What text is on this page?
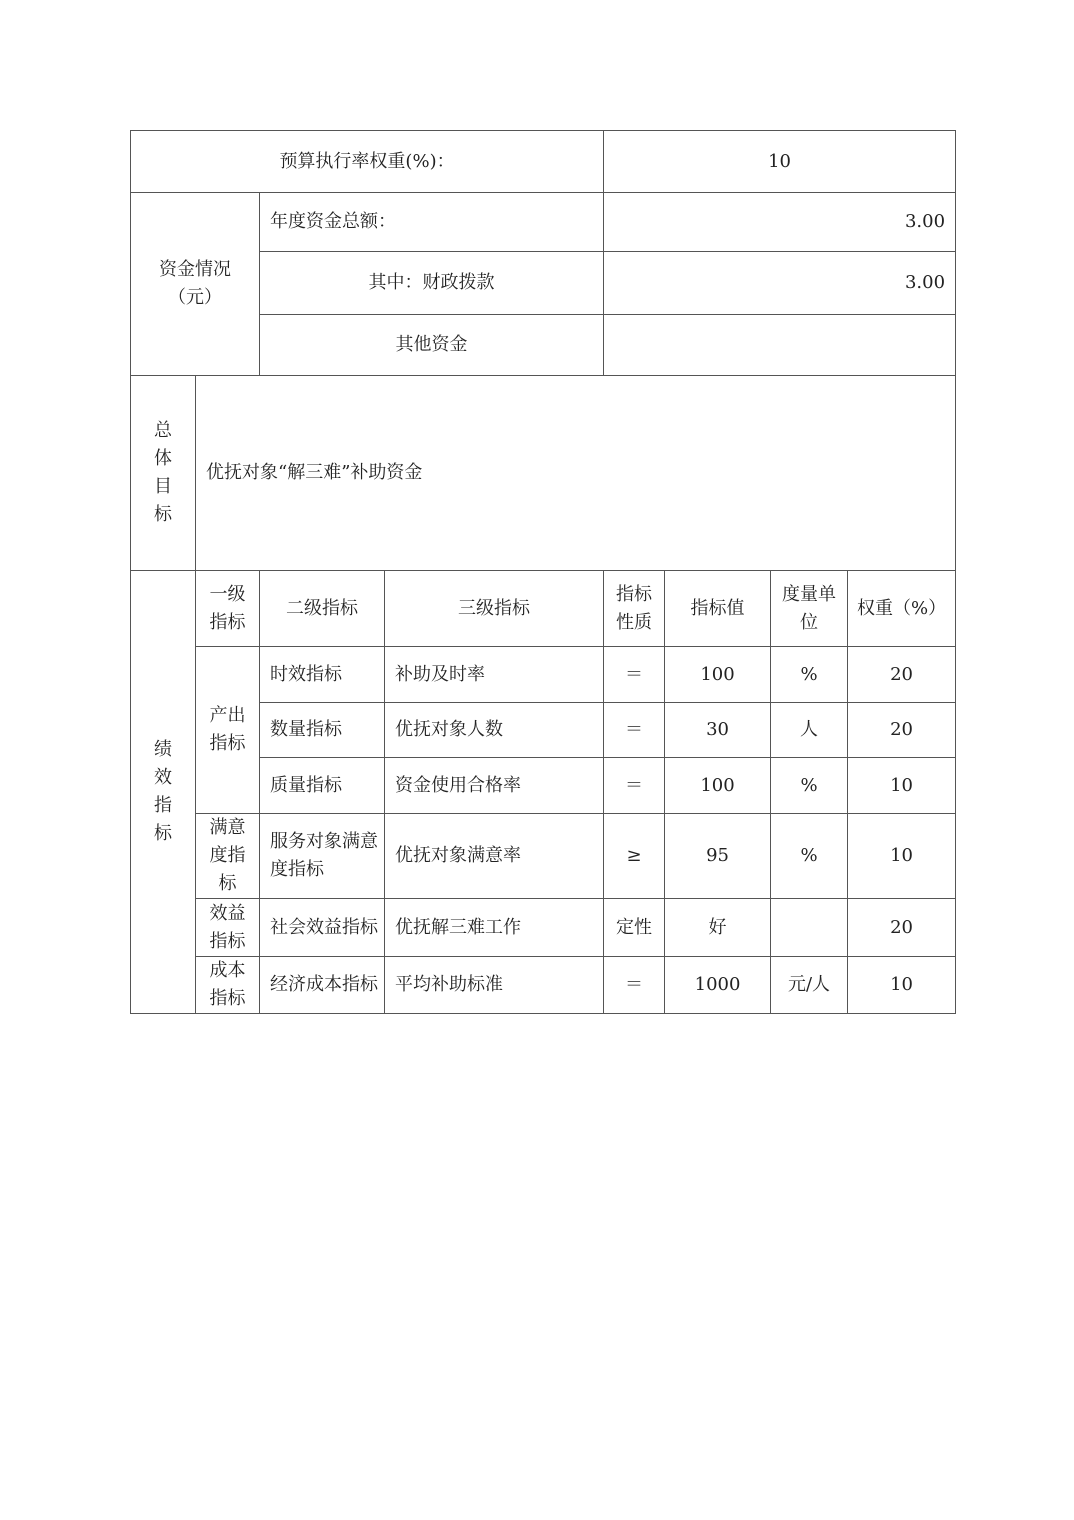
预算执行率权重(%)：				10			
资金情况
（元）		年度资金总额：		3.00			
		其中：财政拨款		3.00			
		其他资金					

总
体
目
标	优抚对象“解三难”补助资金						

绩
效
指
标	一级指标	二级指标	三级指标	指标性质	指标值	度量单位	权重（%）
	产出指标	时效指标	补助及时率	＝	100	%	20
		数量指标	优抚对象人数	＝	30	人	20
		质量指标	资金使用合格率	＝	100	%	10
	满意度指标	服务对象满意度指标	优抚对象满意率	≥	95	%	10
	效益指标	社会效益指标	优抚解三难工作	定性	好		20
	成本指标	经济成本指标	平均补助标准	＝	1000	元/人	10
